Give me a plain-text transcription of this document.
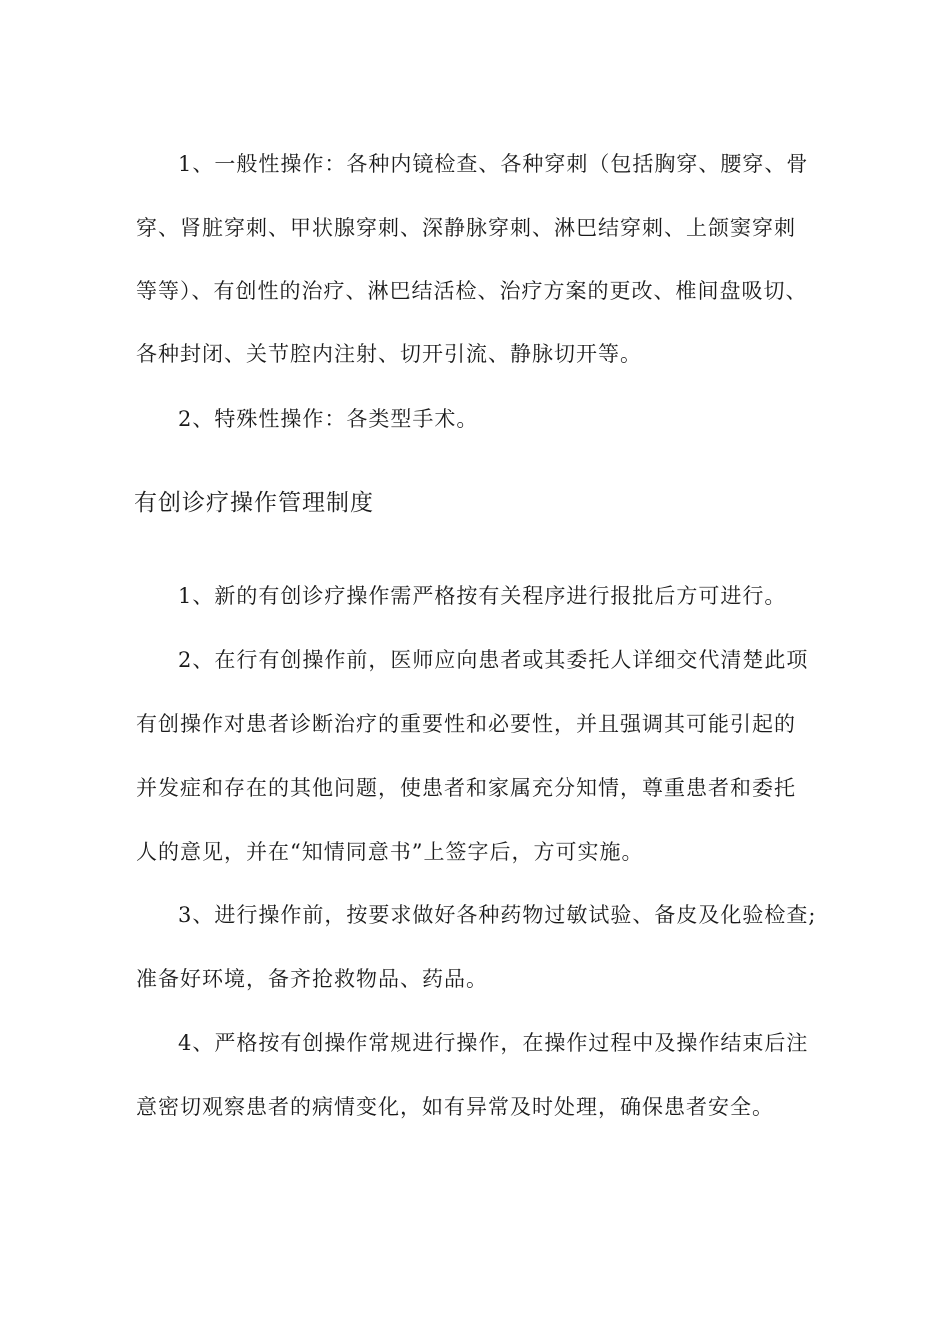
1、一般性操作：各种内镜检查、各种穿刺（包括胸穿、腰穿、骨
穿、肾脏穿刺、甲状腺穿刺、深静脉穿刺、淋巴结穿刺、上颌窦穿刺
等等）、有创性的治疗、淋巴结活检、治疗方案的更改、椎间盘吸切、
各种封闭、关节腔内注射、切开引流、静脉切开等。
2、特殊性操作：各类型手术。
有创诊疗操作管理制度
1、新的有创诊疗操作需严格按有关程序进行报批后方可进行。
2、在行有创操作前，医师应向患者或其委托人详细交代清楚此项
有创操作对患者诊断治疗的重要性和必要性，并且强调其可能引起的
并发症和存在的其他问题，使患者和家属充分知情，尊重患者和委托
人的意见，并在“知情同意书”上签字后，方可实施。
3、进行操作前，按要求做好各种药物过敏试验、备皮及化验检查;
准备好环境，备齐抢救物品、药品。
4、严格按有创操作常规进行操作，在操作过程中及操作结束后注
意密切观察患者的病情变化，如有异常及时处理，确保患者安全。
